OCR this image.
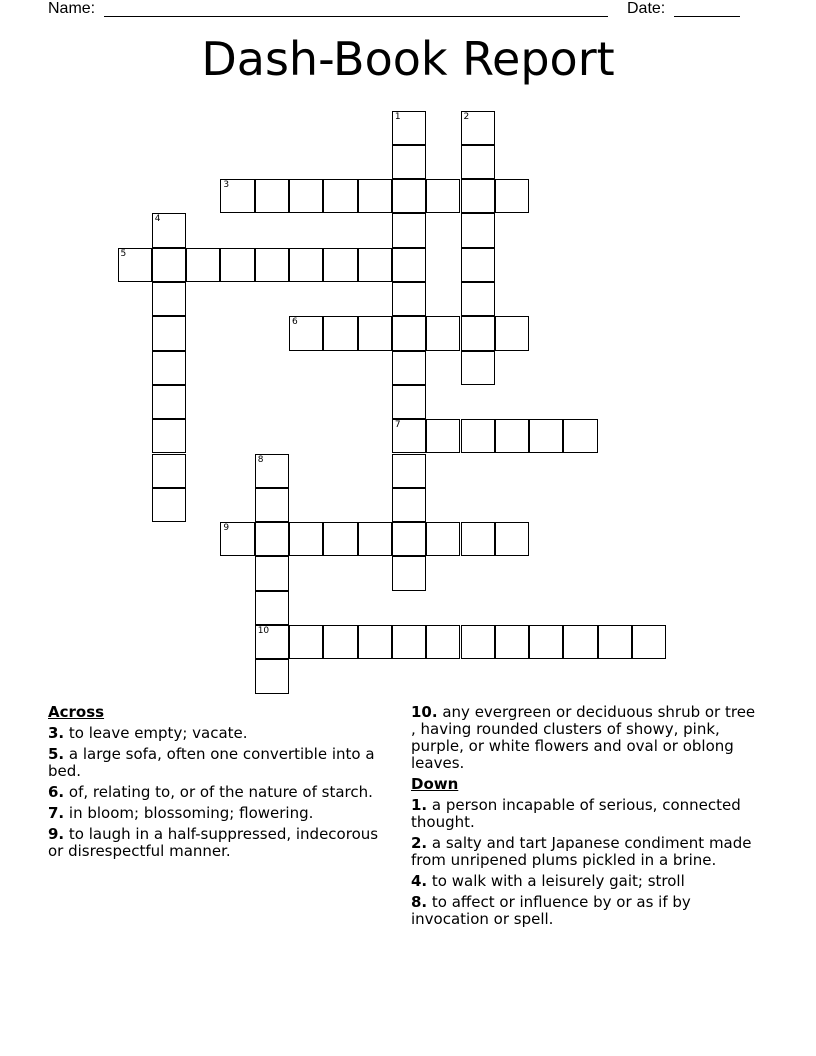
Name:	Date:
Dash-Book Report
1
7
2
3
4
5
6
8
10
9
Across
3. to leave empty; vacate.
5. a large sofa, often one convertible into a bed.
6. of, relating to, or of the nature of starch.
7. in bloom; blossoming; flowering.
9. to laugh in a half-suppressed, indecorous or disrespectful manner.
10. any evergreen or deciduous shrub or tree , having rounded clusters of showy, pink, purple, or white flowers and oval or oblong leaves.
Down
1. a person incapable of serious, connected thought.
2. a salty and tart Japanese condiment made from unripened plums pickled in a brine.
4. to walk with a leisurely gait; stroll
8. to affect or influence by or as if by invocation or spell.
